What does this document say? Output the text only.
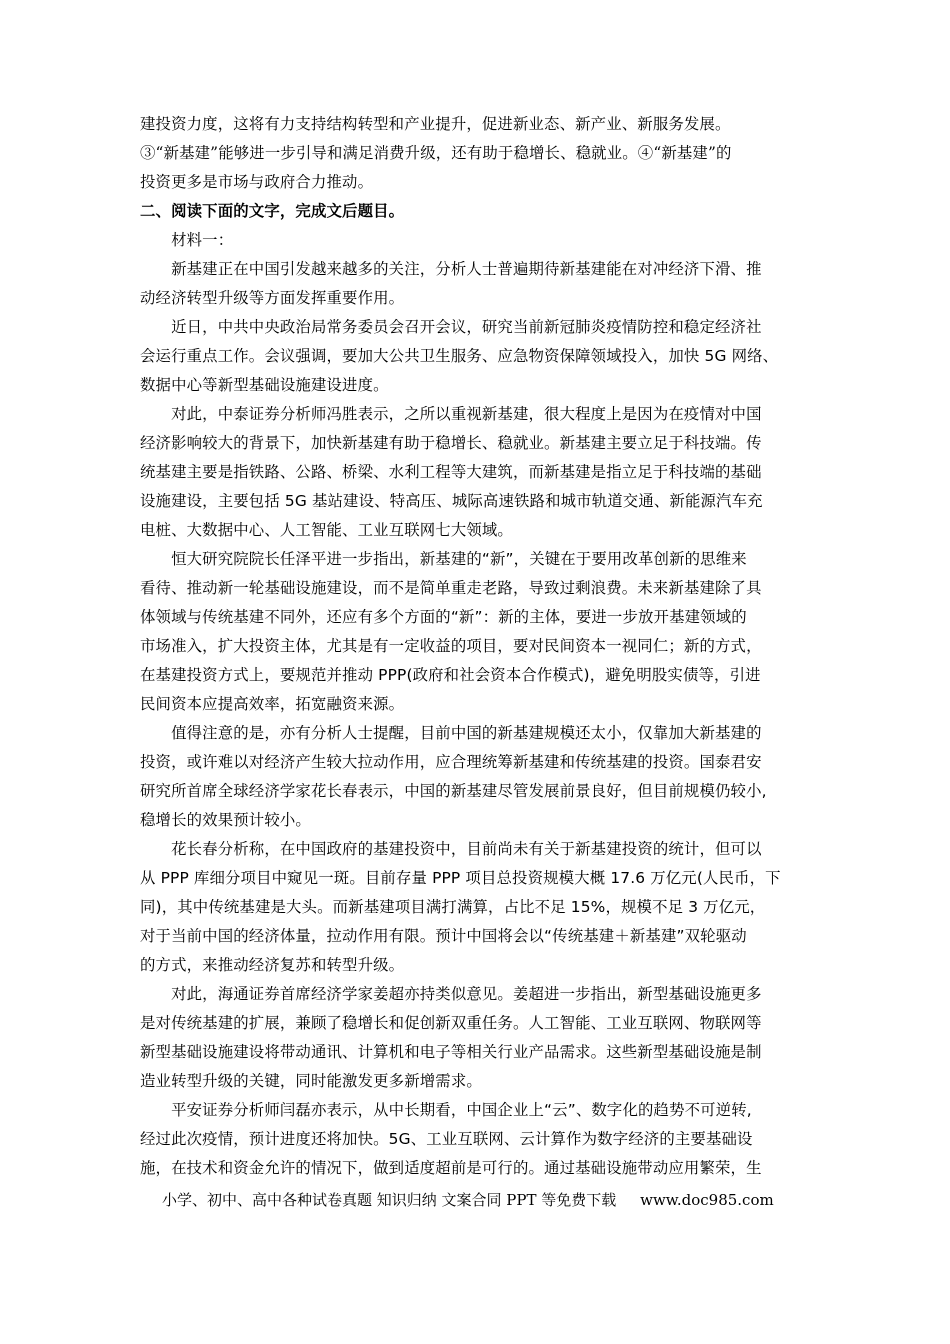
建投资力度，这将有力支持结构转型和产业提升，促进新业态、新产业、新服务发展。
③“新基建”能够进一步引导和满足消费升级，还有助于稳增长、稳就业。④“新基建”的
投资更多是市场与政府合力推动。
二、阅读下面的文字，完成文后题目。
　　材料一：
　　新基建正在中国引发越来越多的关注，分析人士普遍期待新基建能在对冲经济下滑、推
动经济转型升级等方面发挥重要作用。
　　近日，中共中央政治局常务委员会召开会议，研究当前新冠肺炎疫情防控和稳定经济社
会运行重点工作。会议强调，要加大公共卫生服务、应急物资保障领域投入，加快 5G 网络、
数据中心等新型基础设施建设进度。
　　对此，中泰证券分析师冯胜表示，之所以重视新基建，很大程度上是因为在疫情对中国
经济影响较大的背景下，加快新基建有助于稳增长、稳就业。新基建主要立足于科技端。传
统基建主要是指铁路、公路、桥梁、水利工程等大建筑，而新基建是指立足于科技端的基础
设施建设，主要包括 5G 基站建设、特高压、城际高速铁路和城市轨道交通、新能源汽车充
电桩、大数据中心、人工智能、工业互联网七大领域。
　　恒大研究院院长任泽平进一步指出，新基建的“新”，关键在于要用改革创新的思维来
看待、推动新一轮基础设施建设，而不是简单重走老路，导致过剩浪费。未来新基建除了具
体领域与传统基建不同外，还应有多个方面的“新”：新的主体，要进一步放开基建领域的
市场准入，扩大投资主体，尤其是有一定收益的项目，要对民间资本一视同仁；新的方式，
在基建投资方式上，要规范并推动 PPP(政府和社会资本合作模式)，避免明股实债等，引进
民间资本应提高效率，拓宽融资来源。
　　值得注意的是，亦有分析人士提醒，目前中国的新基建规模还太小，仅靠加大新基建的
投资，或许难以对经济产生较大拉动作用，应合理统筹新基建和传统基建的投资。国泰君安
研究所首席全球经济学家花长春表示，中国的新基建尽管发展前景良好，但目前规模仍较小,
稳增长的效果预计较小。
　　花长春分析称，在中国政府的基建投资中，目前尚未有关于新基建投资的统计，但可以
从 PPP 库细分项目中窥见一斑。目前存量 PPP 项目总投资规模大概 17.6 万亿元(人民币，下
同)，其中传统基建是大头。而新基建项目满打满算，占比不足 15%，规模不足 3 万亿元，
对于当前中国的经济体量，拉动作用有限。预计中国将会以“传统基建＋新基建”双轮驱动
的方式，来推动经济复苏和转型升级。
　　对此，海通证券首席经济学家姜超亦持类似意见。姜超进一步指出，新型基础设施更多
是对传统基建的扩展，兼顾了稳增长和促创新双重任务。人工智能、工业互联网、物联网等
新型基础设施建设将带动通讯、计算机和电子等相关行业产品需求。这些新型基础设施是制
造业转型升级的关键，同时能激发更多新增需求。
　　平安证券分析师闫磊亦表示，从中长期看，中国企业上“云”、数字化的趋势不可逆转,
经过此次疫情，预计进度还将加快。5G、工业互联网、云计算作为数字经济的主要基础设
施，在技术和资金允许的情况下，做到适度超前是可行的。通过基础设施带动应用繁荣，生
小学、初中、高中各种试卷真题 知识归纳 文案合同 PPT 等免费下载 www.doc985.com
